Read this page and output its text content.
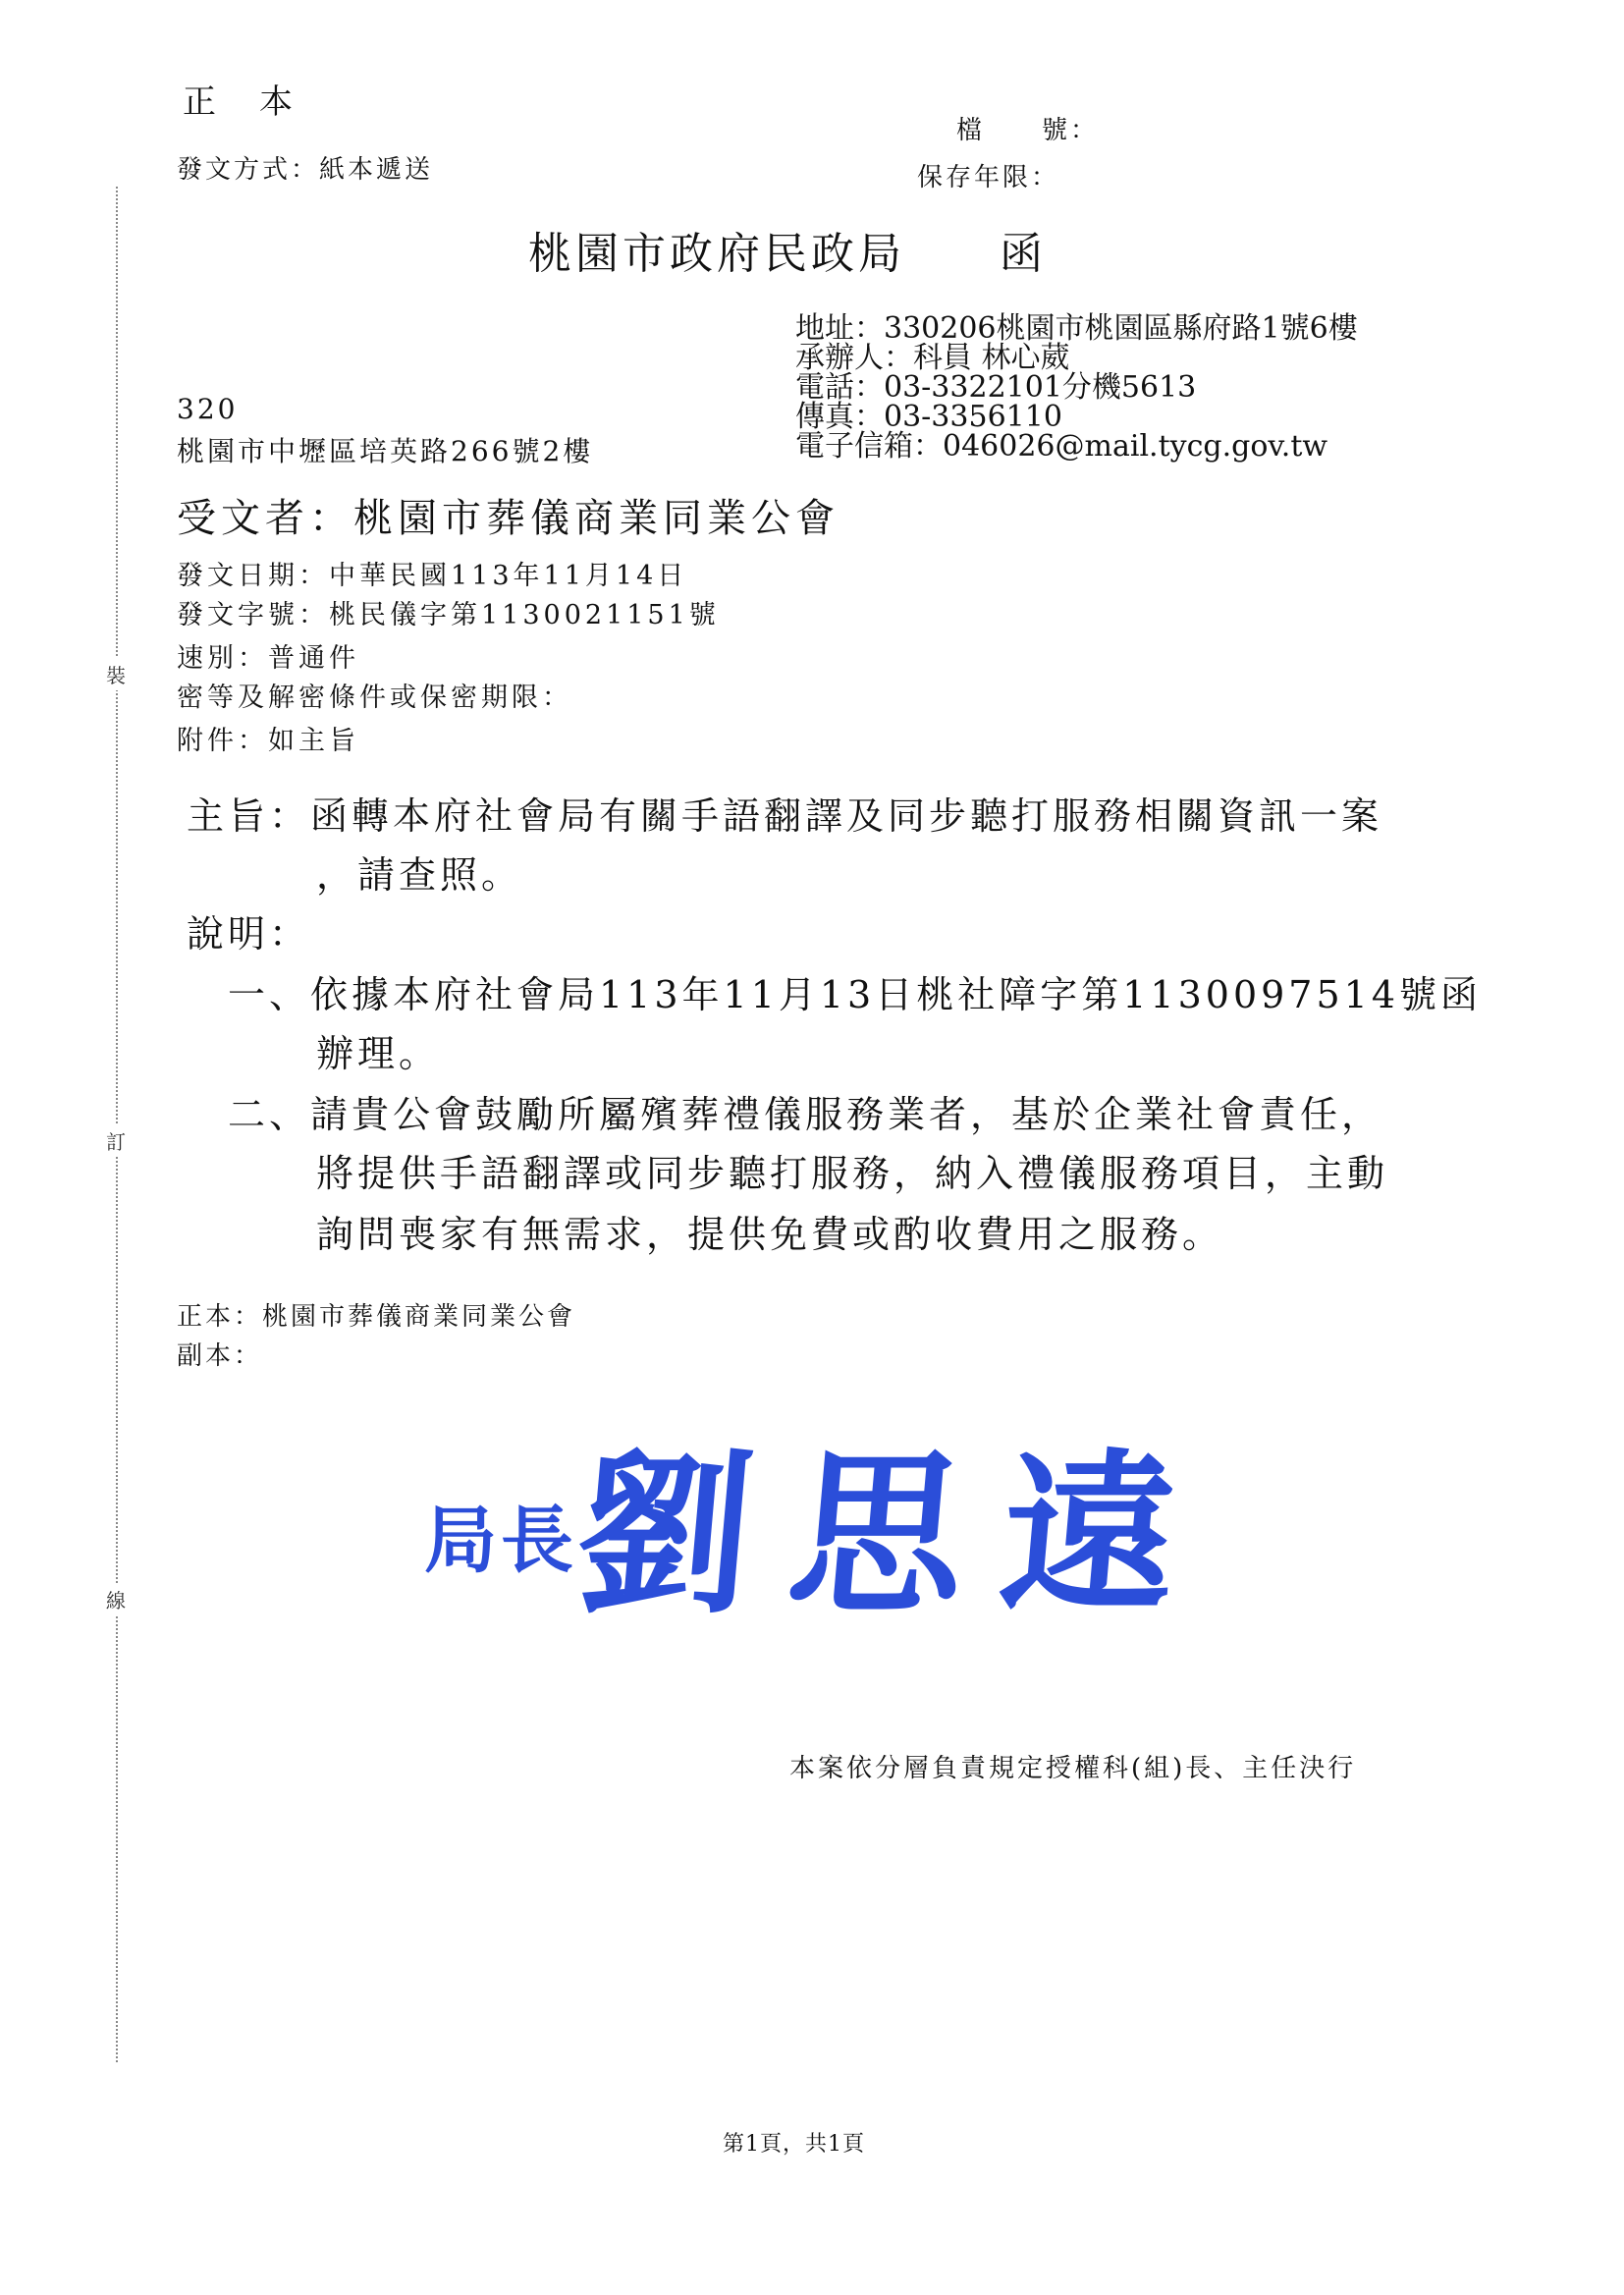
裝
訂
線
正　本
發文方式：紙本遞送
檔　　號：
保存年限：
桃園市政府民政局　　函
地址：330206桃園市桃園區縣府路1號6樓
承辦人：科員 林心葳
電話：03-3322101分機5613
傳真：03-3356110
電子信箱：046026@mail.tycg.gov.tw
320
桃園市中壢區培英路266號2樓
受文者：桃園市葬儀商業同業公會
發文日期：中華民國113年11月14日
發文字號：桃民儀字第1130021151號
速別：普通件
密等及解密條件或保密期限：
附件：如主旨
主旨：函轉本府社會局有關手語翻譯及同步聽打服務相關資訊一案
，請查照。
說明：
一、依據本府社會局113年11月13日桃社障字第1130097514號函
辦理。
二、請貴公會鼓勵所屬殯葬禮儀服務業者，基於企業社會責任，
將提供手語翻譯或同步聽打服務，納入禮儀服務項目，主動
詢問喪家有無需求，提供免費或酌收費用之服務。
正本：桃園市葬儀商業同業公會
副本：
局長
劉思遠
本案依分層負責規定授權科(組)長、主任決行
第1頁，共1頁
